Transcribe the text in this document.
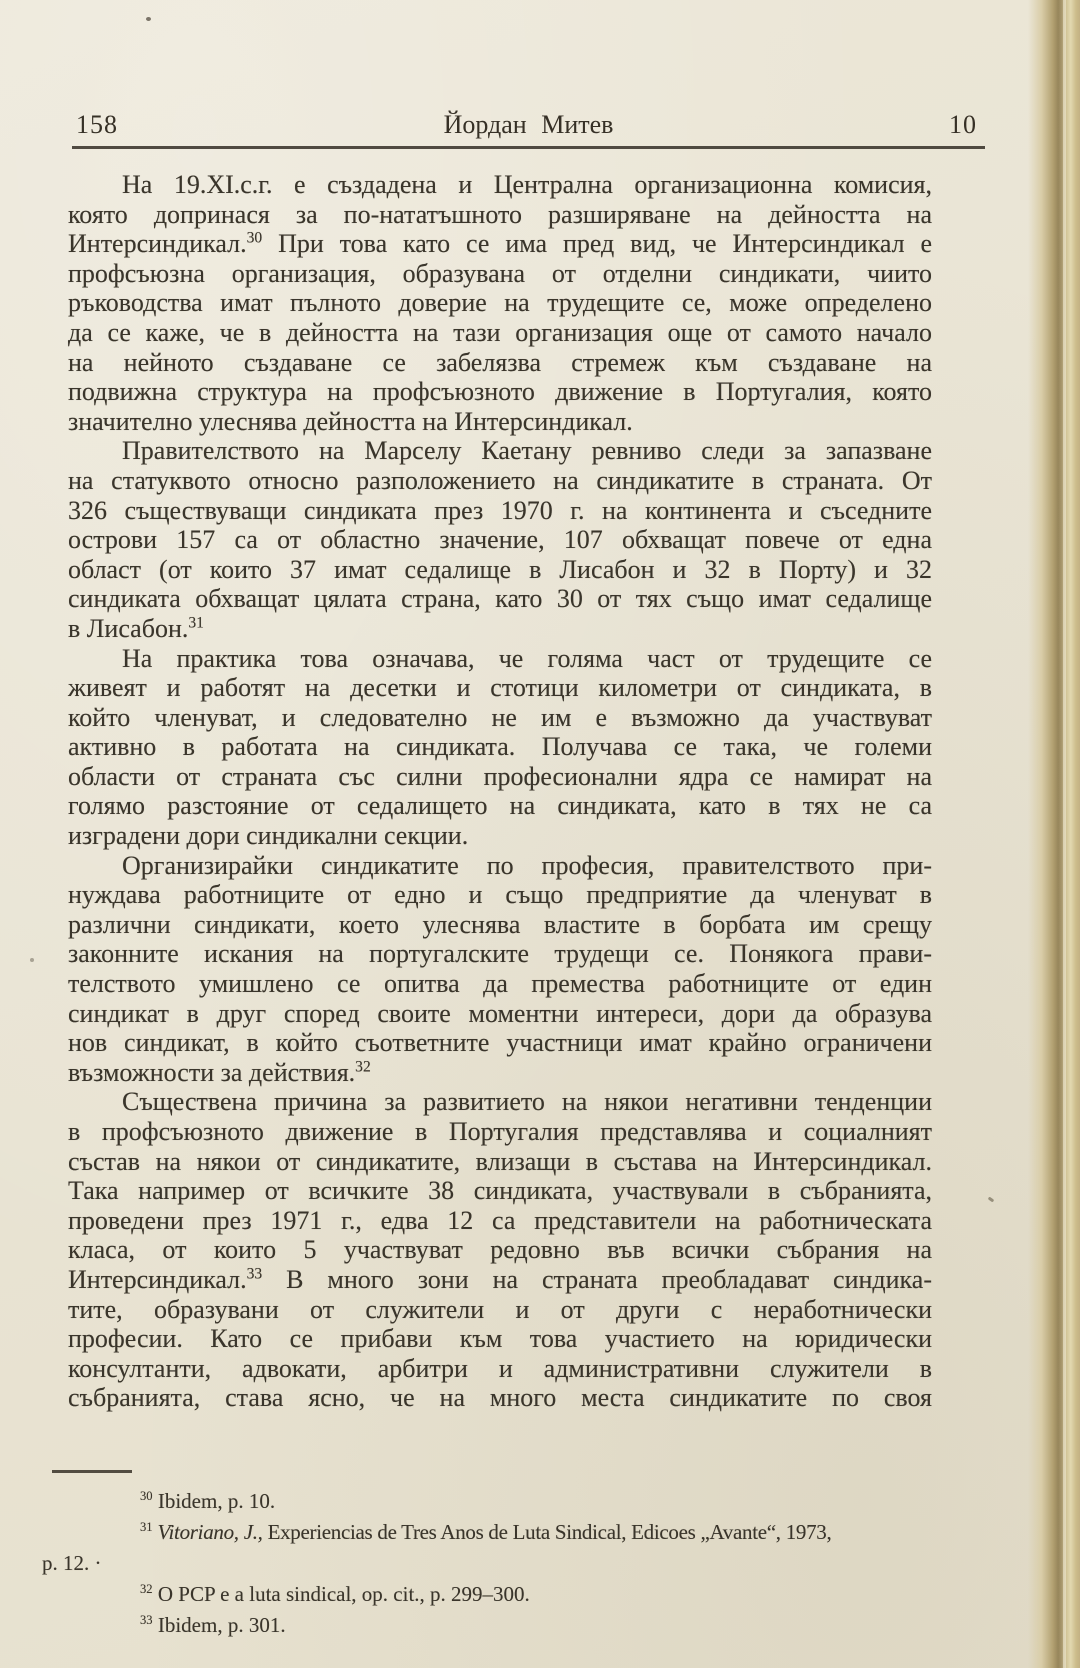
158	Йордан Митев	10
На 19.XI.с.г. е създадена и Централна организационна комисия,
която допринася за по-нататъшното разширяване на дейността на
Интерсиндикал.$^{30}$ При това като се има пред вид, че Интерсиндикал е
профсъюзна организация, образувана от отделни синдикати, чиито
ръководства имат пълното доверие на трудещите се, може определено
да се каже, че в дейността на тази организация още от самото начало
на нейното създаване се забелязва стремеж към създаване на
подвижна структура на профсъюзното движение в Португалия, която
значително улеснява дейността на Интерсиндикал.
Правителството на Марселу Каетану ревниво следи за запазване
на статуквото относно разположението на синдикатите в страната. От
326 съществуващи синдиката през 1970 г. на континента и съседните
острови 157 са от областно значение, 107 обхващат повече от една
област (от които 37 имат седалище в Лисабон и 32 в Порту) и 32
синдиката обхващат цялата страна, като 30 от тях също имат седалище
в Лисабон.$^{31}$
На практика това означава, че голяма част от трудещите се
живеят и работят на десетки и стотици километри от синдиката, в
който членуват, и следователно не им е възможно да участвуват
активно в работата на синдиката. Получава се така, че големи
области от страната със силни професионални ядра се намират на
голямо разстояние от седалището на синдиката, като в тях не са
изградени дори синдикални секции.
Организирайки синдикатите по професия, правителството при-
нуждава работниците от едно и също предприятие да членуват в
различни синдикати, което улеснява властите в борбата им срещу
законните искания на португалските трудещи се. Понякога прави-
телството умишлено се опитва да премества работниците от един
синдикат в друг според своите моментни интереси, дори да образува
нов синдикат, в който съответните участници имат крайно ограничени
възможности за действия.$^{32}$
Съществена причина за развитието на някои негативни тенденции
в профсъюзното движение в Португалия представлява и социалният
състав на някои от синдикатите, влизащи в състава на Интерсиндикал.
Така например от всичките 38 синдиката, участвували в събранията,
проведени през 1971 г., едва 12 са представители на работническата
класа, от които 5 участвуват редовно във всички събрания на
Интерсиндикал.$^{33}$ В много зони на страната преобладават синдика-
тите, образувани от служители и от други с неработнически
професии. Като се прибави към това участието на юридически
консултанти, адвокати, арбитри и административни служители в
събранията, става ясно, че на много места синдикатите по своя
$^{30}$ Ibidem, p. 10.
$^{31}$ Vitoriano, J., Experiencias de Tres Anos de Luta Sindical, Edicoes „Avante“, 1973,
p. 12. ·
$^{32}$ O PCP e a luta sindical, op. cit., p. 299–300.
$^{33}$ Ibidem, p. 301.
